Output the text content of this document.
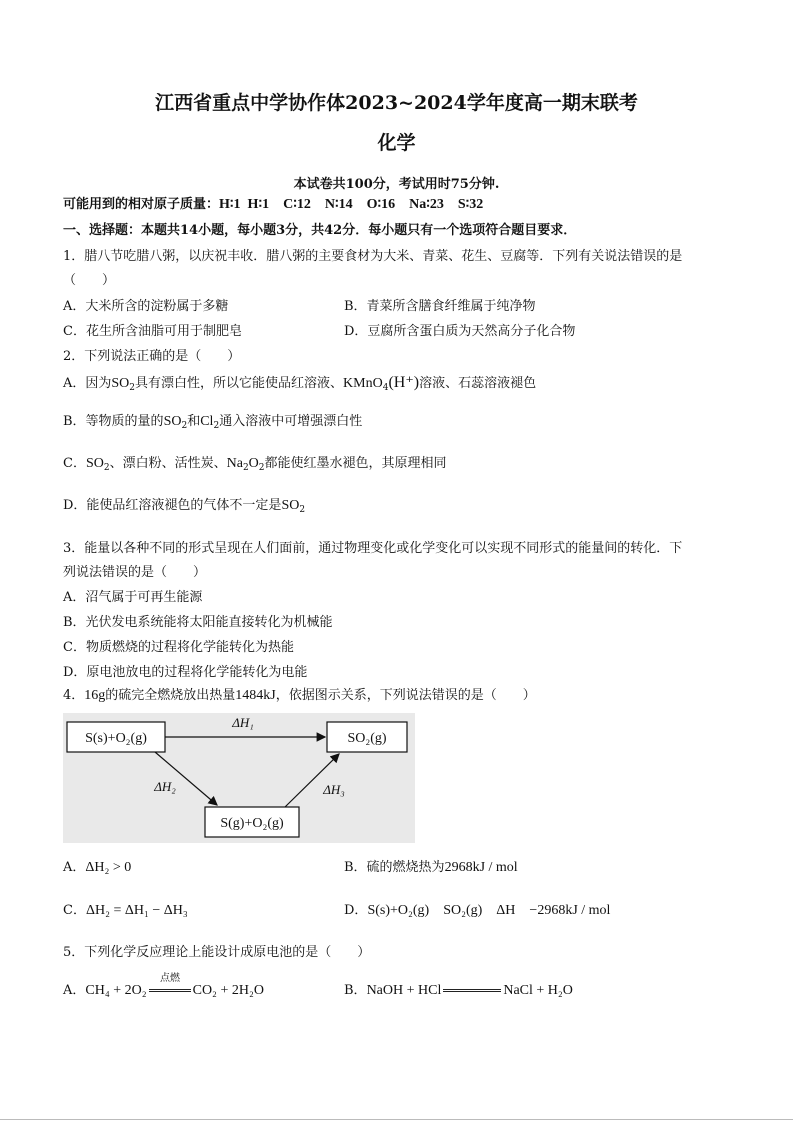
江西省重点中学协作体2023~2024学年度高一期末联考
化学
本试卷共100分，考试用时75分钟.
可能用到的相对原子质量：H∶1  H∶1    C∶12    N∶14    O∶16    Na∶23    S∶32
一、选择题：本题共14小题，每小题3分，共42分．每小题只有一个选项符合题目要求．
1．腊八节吃腊八粥，以庆祝丰收．腊八粥的主要食材为大米、青菜、花生、豆腐等．下列有关说法错误的是
（　　）
A．大米所含的淀粉属于多糖	B．青菜所含膳食纤维属于纯净物
C．花生所含油脂可用于制肥皂	D．豆腐所含蛋白质为天然高分子化合物
2．下列说法正确的是（　　）
A．因为$SO_2$具有漂白性，所以它能使品红溶液、KMnO$_4$(H⁺)溶液、石蕊溶液褪色
B．等物质的量的$SO_2$和$Cl_2$通入溶液中可增强漂白性
C．$SO_2$、漂白粉、活性炭、$Na_2O_2$都能使红墨水褪色，其原理相同
D．能使品红溶液褪色的气体不一定是$SO_2$
3．能量以各种不同的形式呈现在人们面前，通过物理变化或化学变化可以实现不同形式的能量间的转化．下
列说法错误的是（　　）
A．沼气属于可再生能源
B．光伏发电系统能将太阳能直接转化为机械能
C．物质燃烧的过程将化学能转化为热能
D．原电池放电的过程将化学能转化为电能
4．16g的硫完全燃烧放出热量1484kJ，依据图示关系，下列说法错误的是（　　）
S(s)+O₂(g)	SO₂(g)
S(g)+O₂(g)
ΔH₁
ΔH₂	ΔH₃
A．ΔH₂ > 0	B．硫的燃烧热为2968kJ / mol
C．ΔH₂ = ΔH₁ − ΔH₃	D．S(s)+O₂(g)    SO₂(g)    ΔH    −2968kJ / mol
5．下列化学反应理论上能设计成原电池的是（　　）
点燃
A．CH₄ + 2O₂	CO₂ + 2H₂O	B．NaOH + HCl	NaCl + H₂O
